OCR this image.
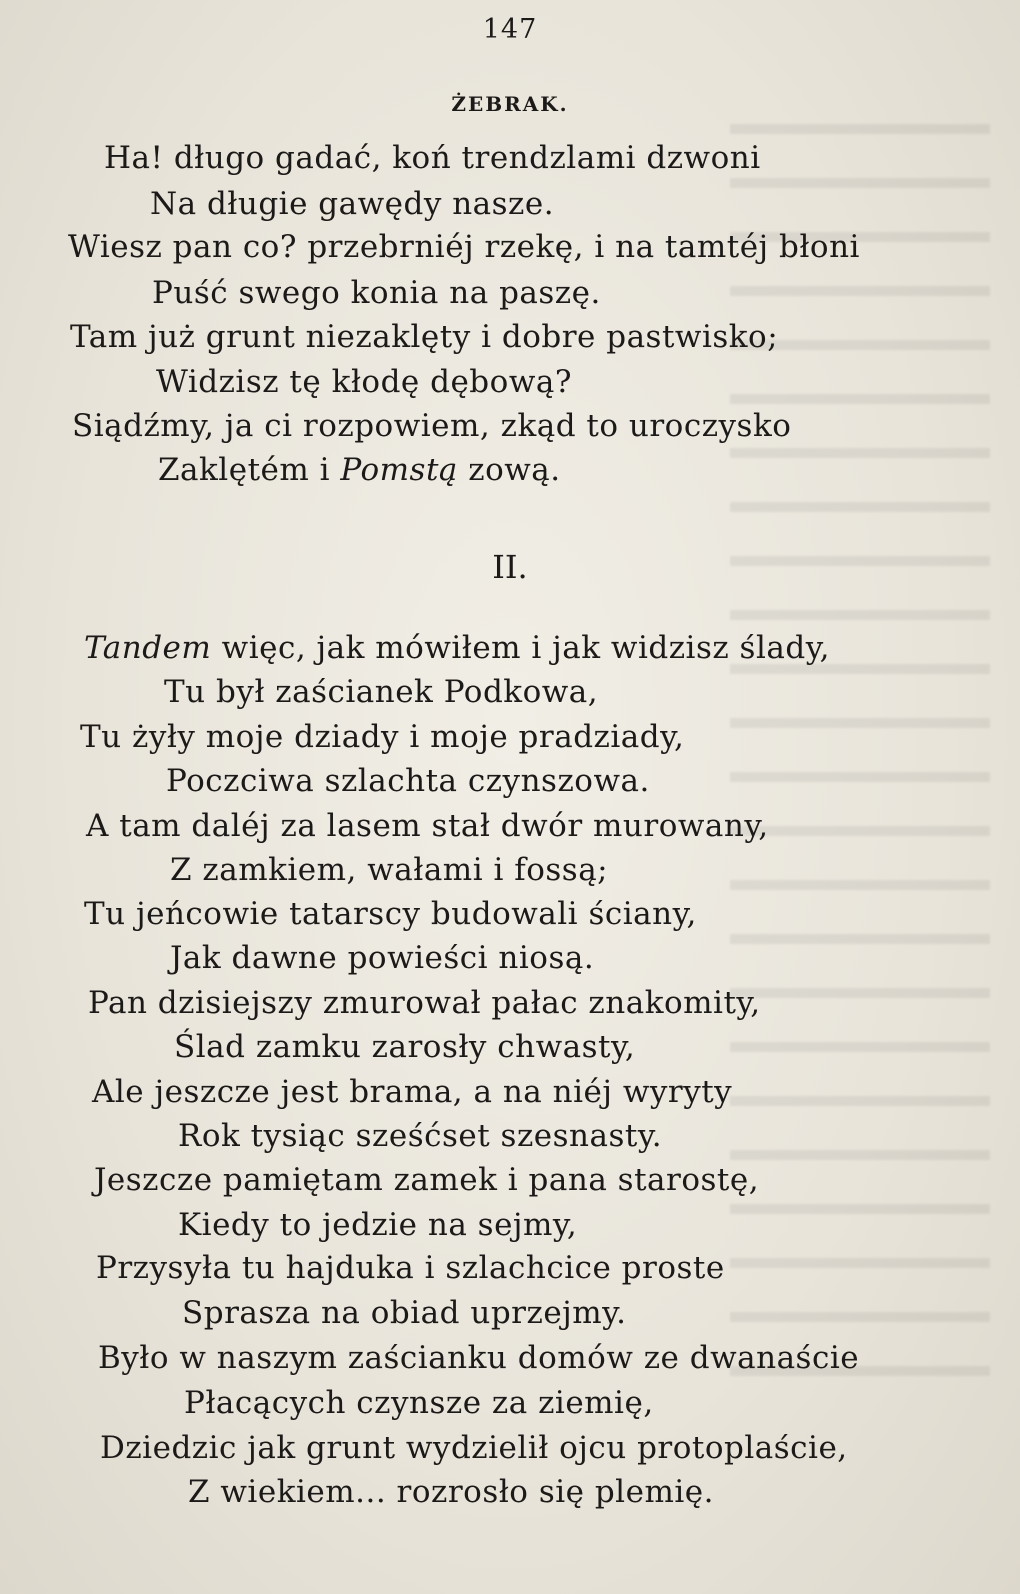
147
ŻEBRAK.
Ha! długo gadać, koń trendzlami dzwoni
Na długie gawędy nasze.
Wiesz pan co? przebrniéj rzekę, i na tamtéj błoni
Puść swego konia na paszę.
Tam już grunt niezaklęty i dobre pastwisko;
Widzisz tę kłodę dębową?
Siądźmy, ja ci rozpowiem, zkąd to uroczysko
Zaklętém i Pomstą zową.
II.
Tandem więc, jak mówiłem i jak widzisz ślady,
Tu był zaścianek Podkowa,
Tu żyły moje dziady i moje pradziady,
Poczciwa szlachta czynszowa.
A tam daléj za lasem stał dwór murowany,
Z zamkiem, wałami i fossą;
Tu jeńcowie tatarscy budowali ściany,
Jak dawne powieści niosą.
Pan dzisiejszy zmurował pałac znakomity,
Ślad zamku zarosły chwasty,
Ale jeszcze jest brama, a na niéj wyryty
Rok tysiąc sześćset szesnasty.
Jeszcze pamiętam zamek i pana starostę,
Kiedy to jedzie na sejmy,
Przysyła tu hajduka i szlachcice proste
Sprasza na obiad uprzejmy.
Było w naszym zaścianku domów ze dwanaście
Płacących czynsze za ziemię,
Dziedzic jak grunt wydzielił ojcu protoplaście,
Z wiekiem... rozrosło się plemię.
